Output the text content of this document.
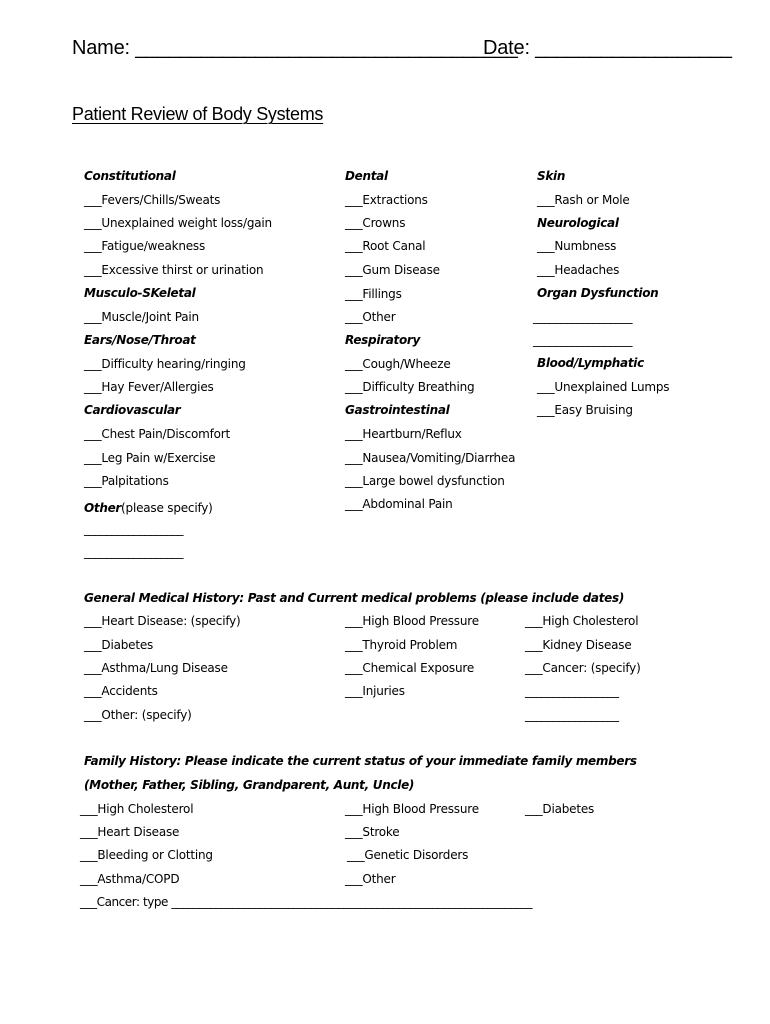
Name: ___________________________________
Date: __________________
Patient Review of Body Systems
Constitutional
___Fevers/Chills/Sweats
___Unexplained weight loss/gain
___Fatigue/weakness
___Excessive thirst or urination
Musculo-SKeletal
___Muscle/Joint Pain
Ears/Nose/Throat
___Difficulty hearing/ringing
___Hay Fever/Allergies
Cardiovascular
___Chest Pain/Discomfort
___Leg Pain w/Exercise
___Palpitations
Other(please specify)
__________________
__________________
Dental
___Extractions
___Crowns
___Root Canal
___Gum Disease
___Fillings
___Other
Respiratory
___Cough/Wheeze
___Difficulty Breathing
Gastrointestinal
___Heartburn/Reflux
___Nausea/Vomiting/Diarrhea
___Large bowel dysfunction
___Abdominal Pain
Skin
___Rash or Mole
Neurological
___Numbness
___Headaches
Organ Dysfunction
__________________
__________________
Blood/Lymphatic
___Unexplained Lumps
___Easy Bruising
General Medical History: Past and Current medical problems (please include dates)
___Heart Disease: (specify)
___Diabetes
___Asthma/Lung Disease
___Accidents
___Other: (specify)
___High Blood Pressure
___Thyroid Problem
___Chemical Exposure
___Injuries
___High Cholesterol
___Kidney Disease
___Cancer: (specify)
_________________
_________________
Family History: Please indicate the current status of your immediate family members
(Mother, Father, Sibling, Grandparent, Aunt, Uncle)
___High Cholesterol
___Heart Disease
___Bleeding or Clotting
___Asthma/COPD
___High Blood Pressure
___Stroke
___Genetic Disorders
___Other
___Diabetes
___Cancer: type _________________________________________________________________
